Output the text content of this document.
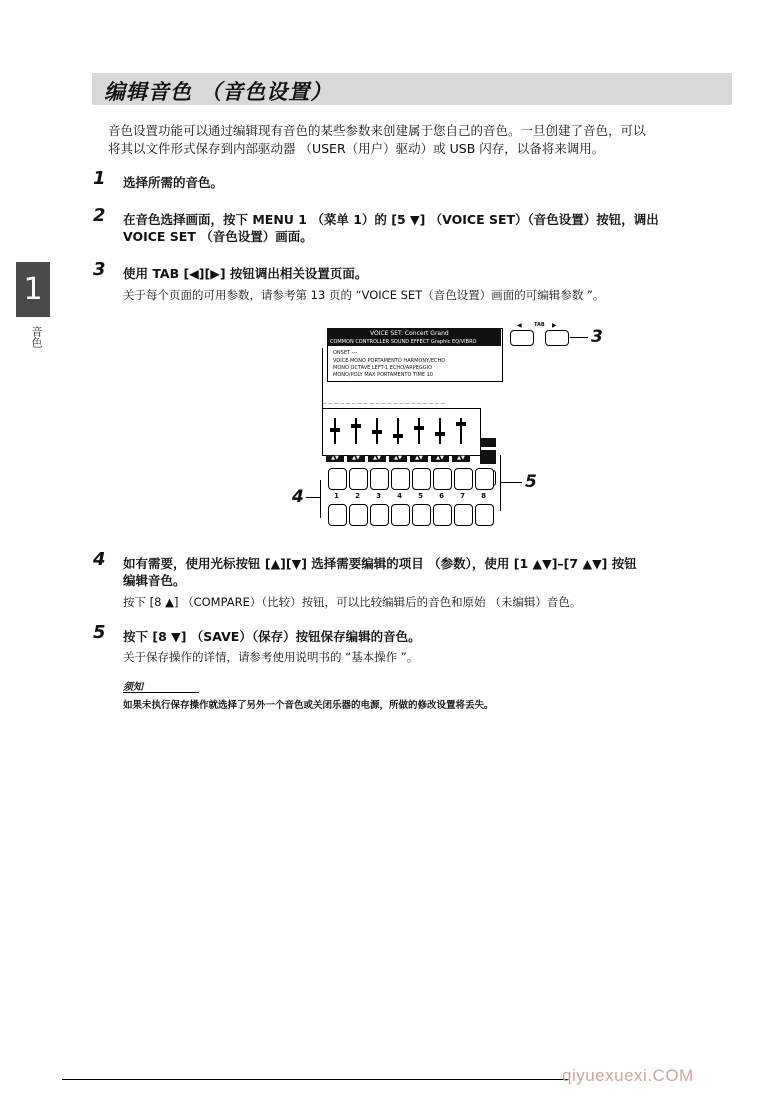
编辑音色 （音色设置）

音色设置功能可以通过编辑现有音色的某些参数来创建属于您自己的音色。一旦创建了音色，可以

将其以文件形式保存到内部驱动器 （USER（用户）驱动）或 USB 闪存，以备将来调用。

1
音色
1 选择所需的音色。
2 在音色选择画面，按下 MENU 1 （菜单 1）的 [5 ▼] （VOICE SET）（音色设置）按钮，调出
VOICE SET （音色设置）画面。
3 使用 TAB [◀][▶] 按钮调出相关设置页面。
关于每个页面的可用参数，请参考第 13 页的 “VOICE SET（音色设置）画面的可编辑参数 ”。
VOICE SET: Concert Grand
COMMON CONTROLLER SOUND EFFECT Graphic EQ/VIBRO
ONSET ---
VOICE MONO PORTAMENTO HARMONY/ECHO
MONO OCTAVE LEFT-1 ECHO/ARPEGGIO
MONO/POLY MAX PORTAMENTO TIME 10
◀ TAB ▶
3
— — — — — — — — — — — — — — — — — — — — —
▲▼	▲▼	▲▼	▲▼	▲▼	▲▼	▲▼
1	2	3	4	5	6	7	8
4
5
4 如有需要，使用光标按钮 [▲][▼] 选择需要编辑的项目 （参数），使用 [1 ▲▼]–[7 ▲▼] 按钮
编辑音色。
按下 [8 ▲] （COMPARE）（比较）按钮，可以比较编辑后的音色和原始 （未编辑）音色。
5 按下 [8 ▼] （SAVE）（保存）按钮保存编辑的音色。
关于保存操作的详情，请参考使用说明书的 “基本操作 ”。
须知
如果未执行保存操作就选择了另外一个音色或关闭乐器的电源，所做的修改设置将丢失。
qiyuexuexi.COM
